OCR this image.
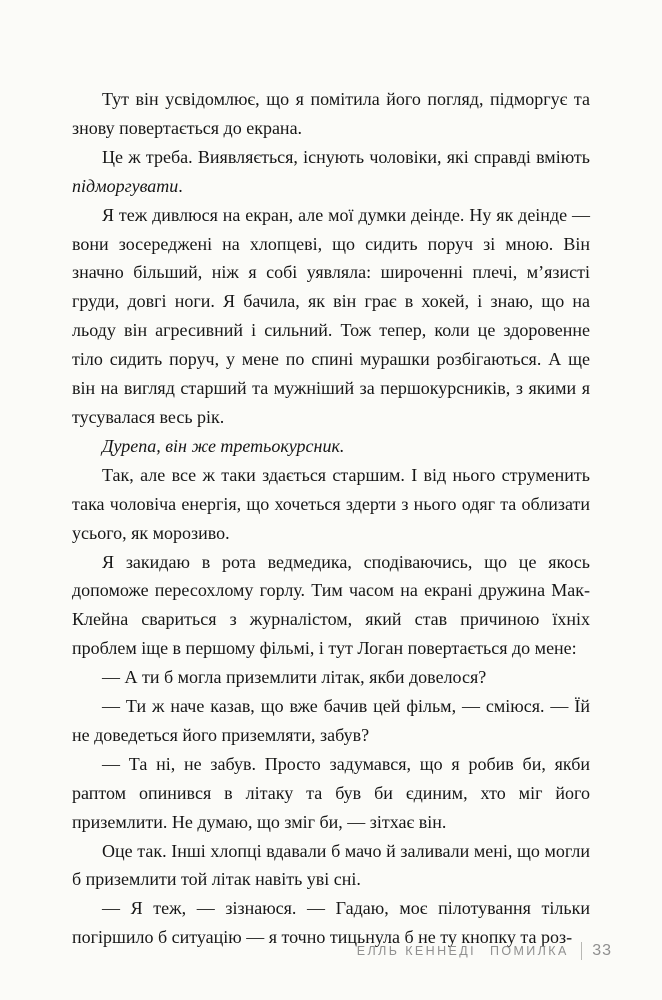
Тут він усвідомлює, що я помітила його погляд, підморгує та знову повертається до екрана.

Це ж треба. Виявляється, існують чоловіки, які справді вміють підморгувати.

Я теж дивлюся на екран, але мої думки деінде. Ну як деінде — вони зосереджені на хлопцеві, що сидить поруч зі мною. Він значно більший, ніж я собі уявляла: широченні плечі, м’язисті груди, довгі ноги. Я бачила, як він грає в хокей, і знаю, що на льоду він агресивний і сильний. Тож тепер, коли це здоровенне тіло сидить поруч, у мене по спині мурашки розбігаються. А ще він на вигляд старший та мужніший за першокурсників, з якими я тусувалася весь рік.

Дурепа, він же третьокурсник.

Так, але все ж таки здається старшим. І від нього струменить така чоловіча енергія, що хочеться здерти з нього одяг та облизати усього, як морозиво.

Я закидаю в рота ведмедика, сподіваючись, що це якось допоможе пересохлому горлу. Тим часом на екрані дружина Мак-Клейна свариться з журналістом, який став причиною їхніх проблем іще в першому фільмі, і тут Логан повертається до мене:

— А ти б могла приземлити літак, якби довелося?

— Ти ж наче казав, що вже бачив цей фільм, — сміюся. — Їй не доведеться його приземляти, забув?

— Та ні, не забув. Просто задумався, що я робив би, якби раптом опинився в літаку та був би єдиним, хто міг його приземлити. Не думаю, що зміг би, — зітхає він.

Оце так. Інші хлопці вдавали б мачо й заливали мені, що могли б приземлити той літак навіть уві сні.

— Я теж, — зізнаюся. — Гадаю, моє пілотування тільки погіршило б ситуацію — я точно тицьнула б не ту кнопку та роз-

ЕЛЛЬ КЕННЕДІ ПОМИЛКА 33
